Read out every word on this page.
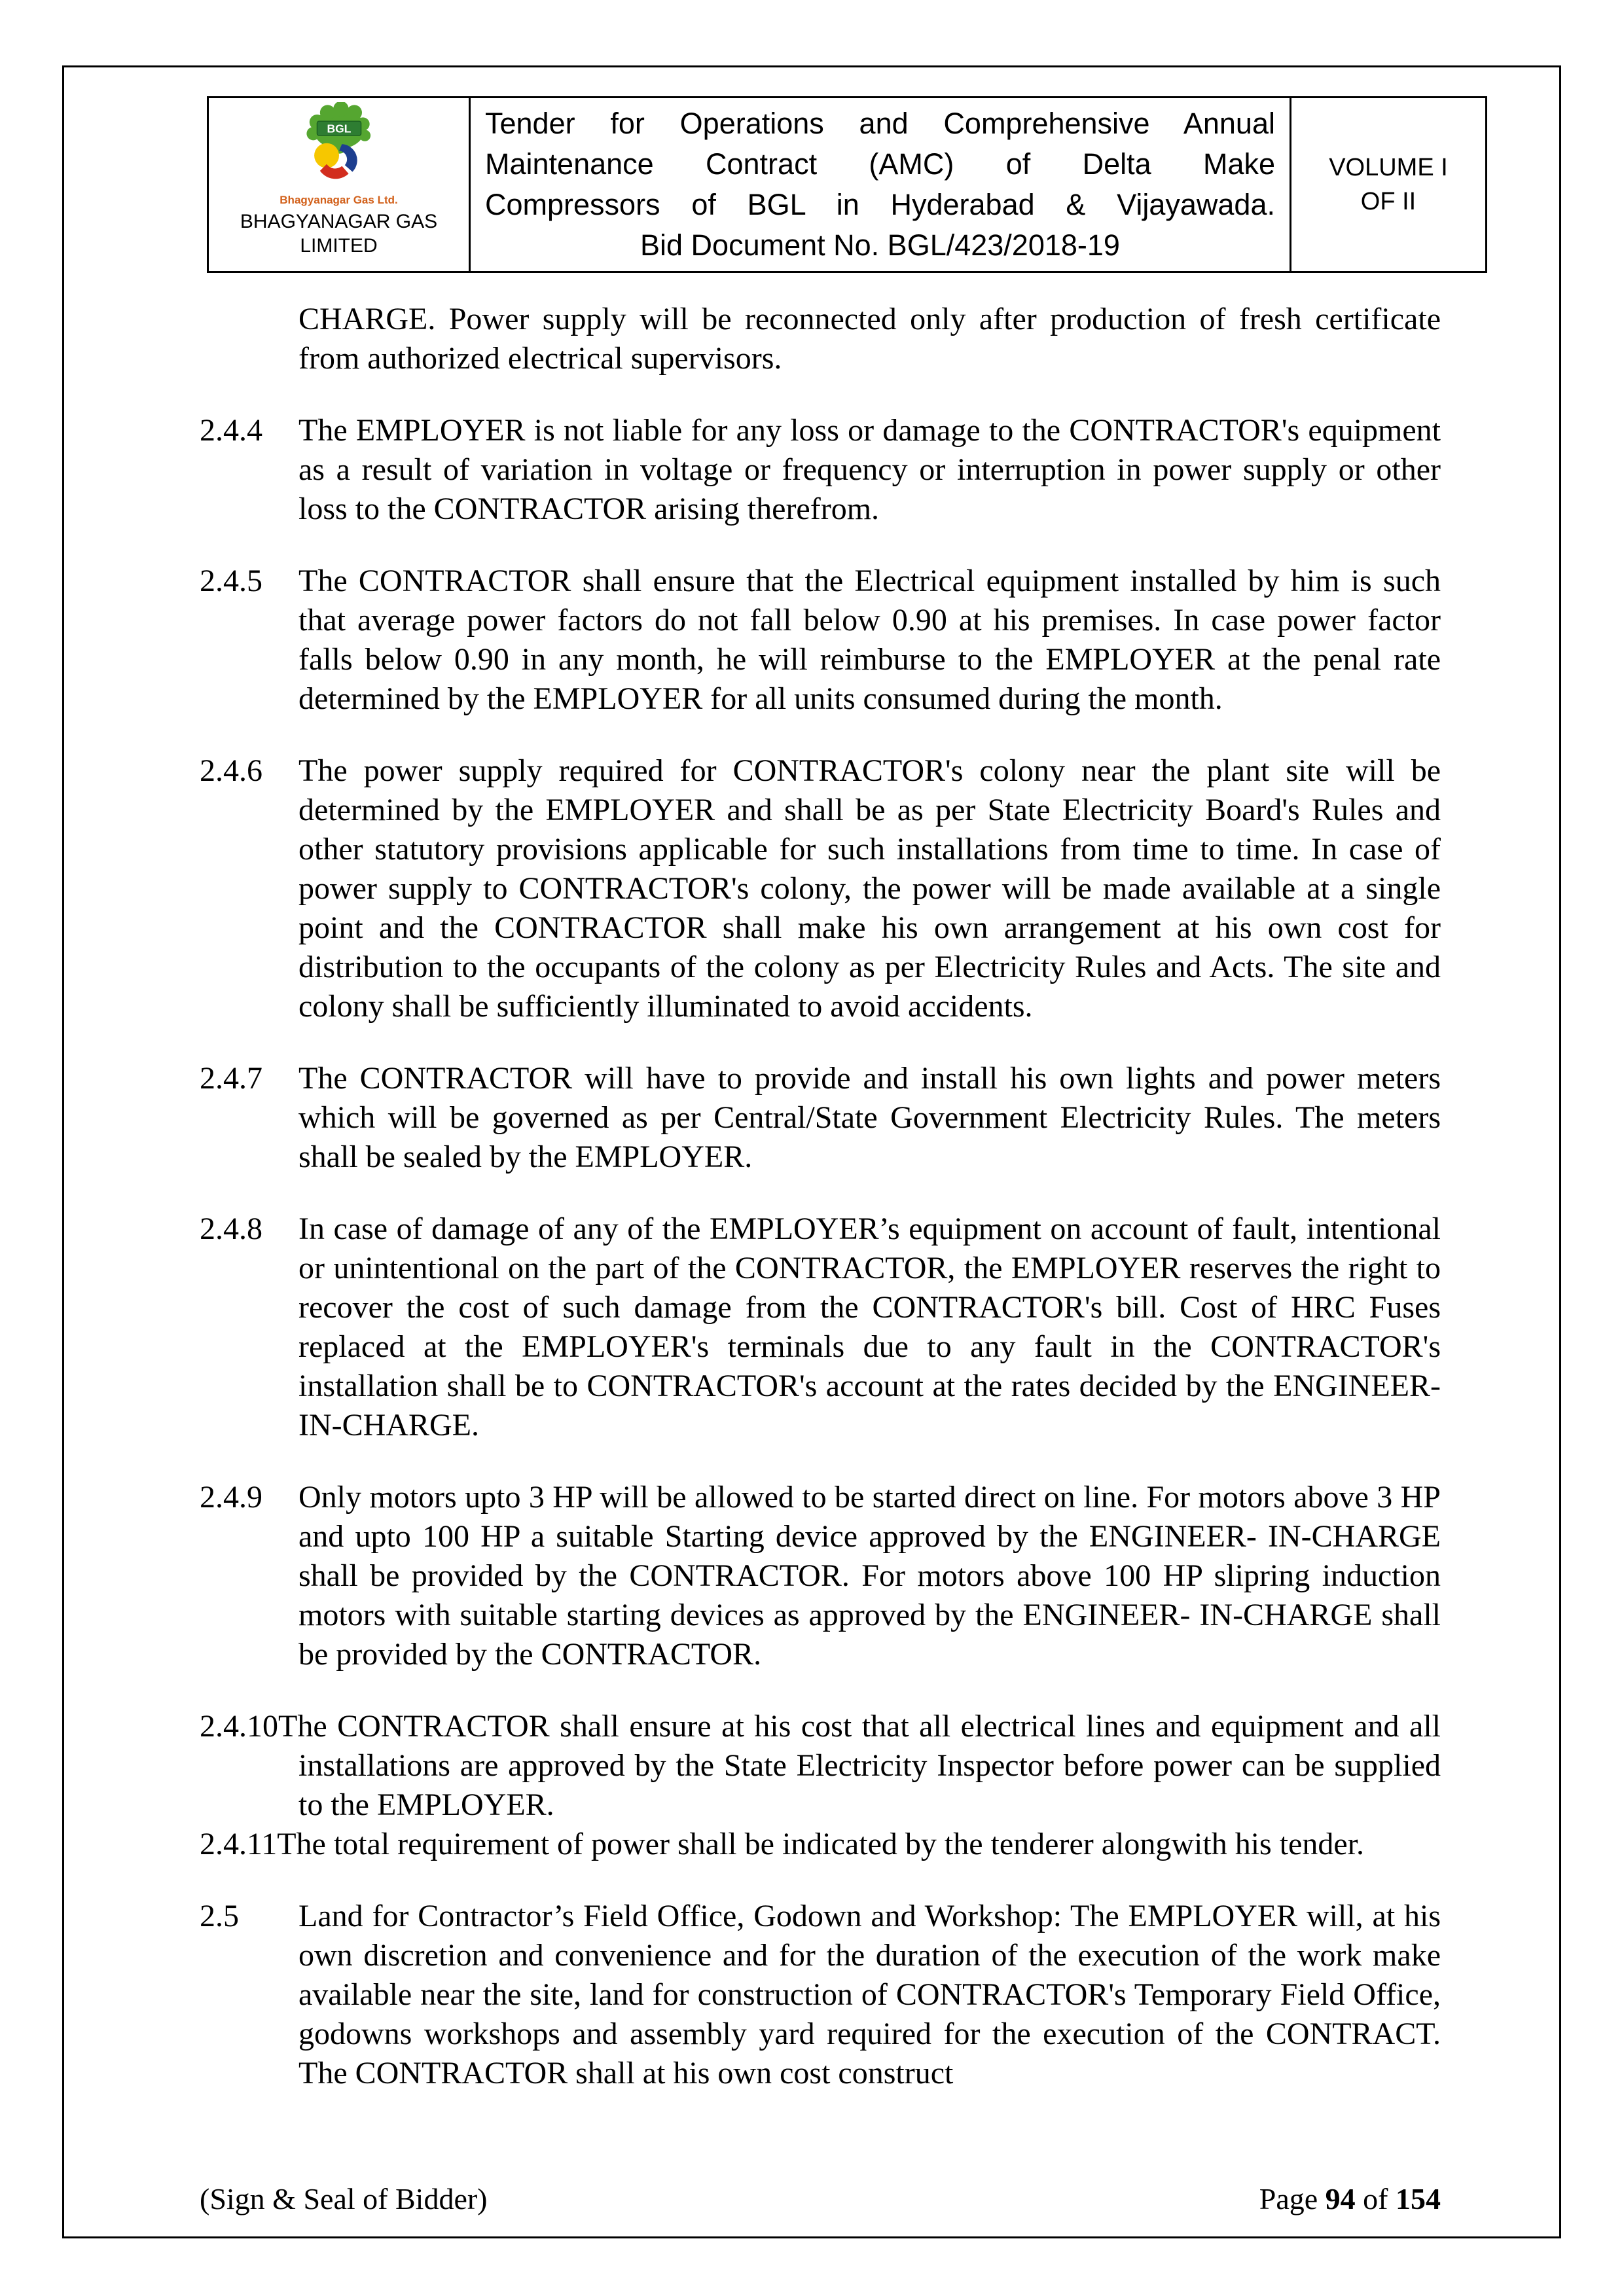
BGL
Bhagyanagar Gas Ltd.
BHAGYANAGAR GAS
LIMITED
Tender for Operations and Comprehensive Annual
Maintenance Contract (AMC) of Delta Make
Compressors of BGL in Hyderabad & Vijayawada.
Bid Document No. BGL/423/2018-19
VOLUME I
OF II

CHARGE. Power supply will be reconnected only after production of fresh certificate from authorized electrical supervisors.

2.4.4	The EMPLOYER is not liable for any loss or damage to the CONTRACTOR's equipment as a result of variation in voltage or frequency or interruption in power supply or other loss to the CONTRACTOR arising therefrom.

2.4.5	The CONTRACTOR shall ensure that the Electrical equipment installed by him is such that average power factors do not fall below 0.90 at his premises. In case power factor falls below 0.90 in any month, he will reimburse to the EMPLOYER at the penal rate determined by the EMPLOYER for all units consumed during the month.

2.4.6	The power supply required for CONTRACTOR's colony near the plant site will be determined by the EMPLOYER and shall be as per State Electricity Board's Rules and other statutory provisions applicable for such installations from time to time. In case of power supply to CONTRACTOR's colony, the power will be made available at a single point and the CONTRACTOR shall make his own arrangement at his own cost for distribution to the occupants of the colony as per Electricity Rules and Acts. The site and colony shall be sufficiently illuminated to avoid accidents.

2.4.7	The CONTRACTOR will have to provide and install his own lights and power meters which will be governed as per Central/State Government Electricity Rules. The meters shall be sealed by the EMPLOYER.

2.4.8	In case of damage of any of the EMPLOYER’s equipment on account of fault, intentional or unintentional on the part of the CONTRACTOR, the EMPLOYER reserves the right to recover the cost of such damage from the CONTRACTOR's bill. Cost of HRC Fuses replaced at the EMPLOYER's terminals due to any fault in the CONTRACTOR's installation shall be to CONTRACTOR's account at the rates decided by the ENGINEER-IN-CHARGE.

2.4.9	Only motors upto 3 HP will be allowed to be started direct on line. For motors above 3 HP and upto 100 HP a suitable Starting device approved by the ENGINEER- IN-CHARGE shall be provided by the CONTRACTOR. For motors above 100 HP slipring induction motors with suitable starting devices as approved by the ENGINEER- IN-CHARGE shall be provided by the CONTRACTOR.

2.4.10The CONTRACTOR shall ensure at his cost that all electrical lines and equipment and all installations are approved by the State Electricity Inspector before power can be supplied to the EMPLOYER.

2.4.11The total requirement of power shall be indicated by the tenderer alongwith his tender.

2.5	Land for Contractor’s Field Office, Godown and Workshop: The EMPLOYER will, at his own discretion and convenience and for the duration of the execution of the work make available near the site, land for construction of CONTRACTOR's Temporary Field Office, godowns workshops and assembly yard required for the execution of the CONTRACT. The CONTRACTOR shall at his own cost construct

(Sign & Seal of Bidder)	Page 94 of 154
